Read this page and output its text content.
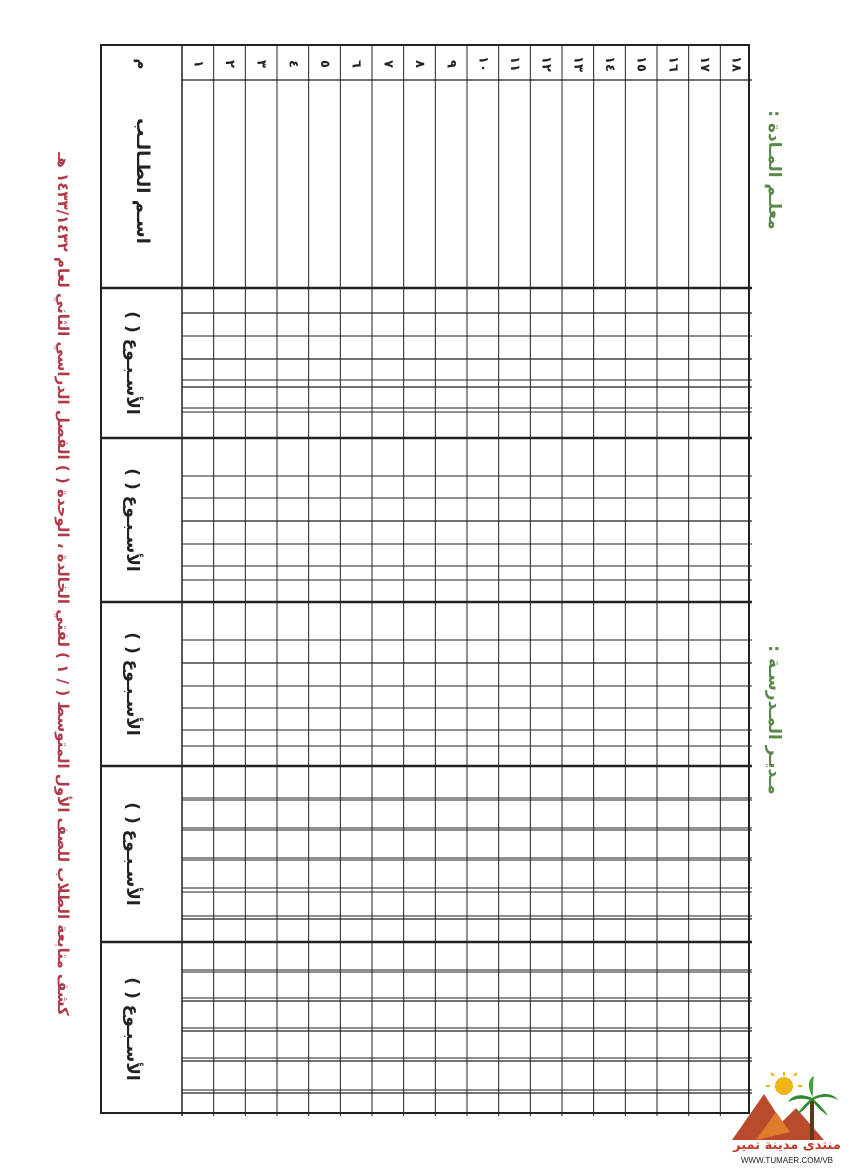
كشف متابعة الطلاب للصف الأول المتوسط ( / ١ ) لفتي الخالدة ، الوحدة ( ) الفصل الدراسي الثاني لعام ١٤٣٣/١٤٣٢ هـ
١ ٢ ٣ ٤ ٥ ٦ ٧ ٨ ٩ ١٠ ١١ ١٢ ١٣ ١٤ ١٥ ١٦ ١٧ ١٨
م
اسـم الطـالـب
الأسـبـوع ( )
الأسـبـوع ( )
الأسـبـوع ( )
الأسـبـوع ( )
الأسـبـوع ( )
معلـم المـادة :
مـديـر المـدرسـة :
منتدى مدينة تمير
WWW.TUMAER.COM/VB
